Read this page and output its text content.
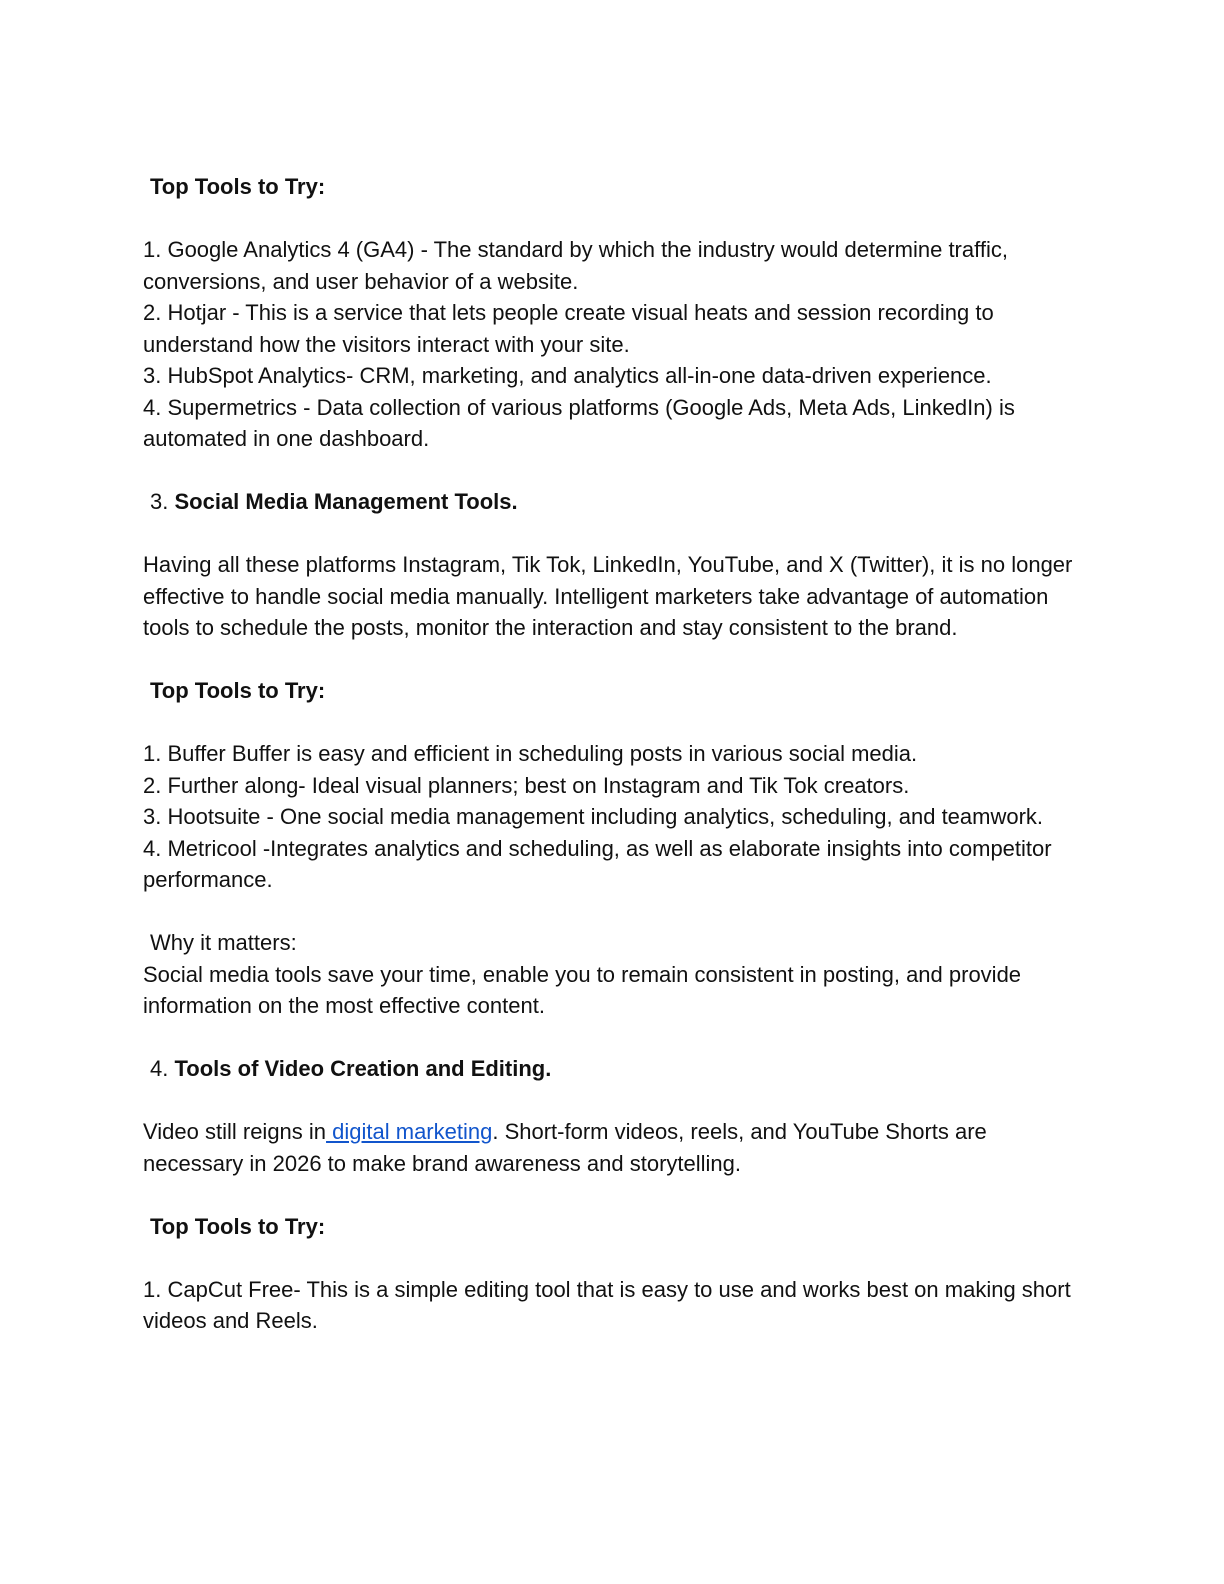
Top Tools to Try:

1. Google Analytics 4 (GA4) - The standard by which the industry would determine traffic, conversions, and user behavior of a website.

2. Hotjar - This is a service that lets people create visual heats and session recording to understand how the visitors interact with your site.

3. HubSpot Analytics- CRM, marketing, and analytics all-in-one data-driven experience.

4. Supermetrics - Data collection of various platforms (Google Ads, Meta Ads, LinkedIn) is automated in one dashboard.

3. Social Media Management Tools.

Having all these platforms Instagram, Tik Tok, LinkedIn, YouTube, and X (Twitter), it is no longer effective to handle social media manually. Intelligent marketers take advantage of automation tools to schedule the posts, monitor the interaction and stay consistent to the brand.

Top Tools to Try:

1. Buffer Buffer is easy and efficient in scheduling posts in various social media.

2. Further along- Ideal visual planners; best on Instagram and Tik Tok creators.

3. Hootsuite - One social media management including analytics, scheduling, and teamwork.

4. Metricool -Integrates analytics and scheduling, as well as elaborate insights into competitor performance.

Why it matters:

Social media tools save your time, enable you to remain consistent in posting, and provide information on the most effective content.

4. Tools of Video Creation and Editing.

Video still reigns in digital marketing. Short-form videos, reels, and YouTube Shorts are necessary in 2026 to make brand awareness and storytelling.

Top Tools to Try:

1. CapCut Free- This is a simple editing tool that is easy to use and works best on making short videos and Reels.
